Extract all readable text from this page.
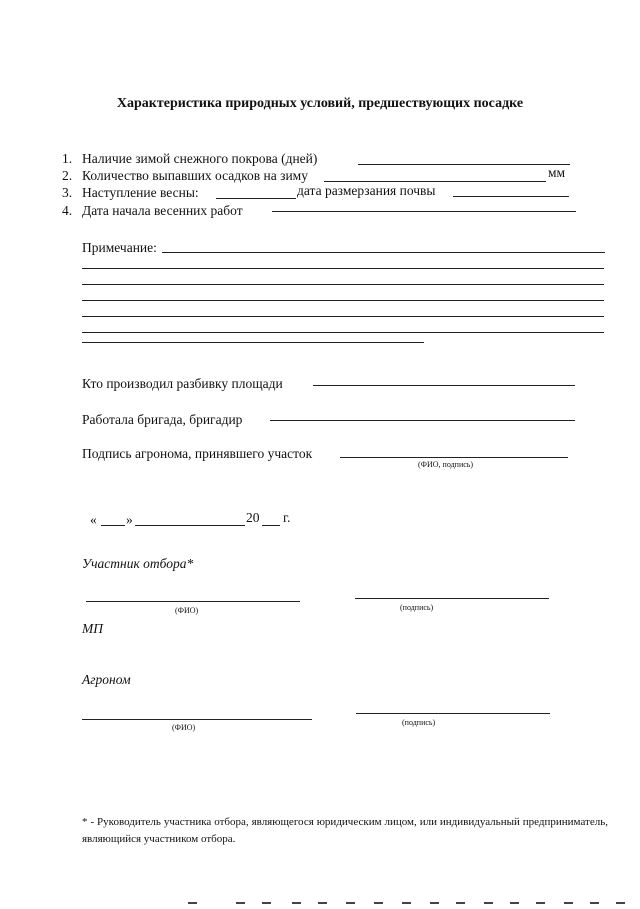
Характеристика природных условий, предшествующих посадке
1. Наличие зимой снежного покрова (дней)
2. Количество выпавших осадков на зиму	мм
3. Наступление весны:	дата размерзания почвы
4. Дата начала весенних работ
Примечание:
Кто производил разбивку площади
Работала бригада, бригадир
Подпись агронома, принявшего участок
(ФИО, подпись)
« »	20 г.
Участник отбора*
(ФИО)	(подпись)
МП
Агроном
(ФИО)
(подпись)
* - Руководитель участника отбора, являющегося юридическим лицом, или индивидуальный предприниматель, являющийся участником отбора.
